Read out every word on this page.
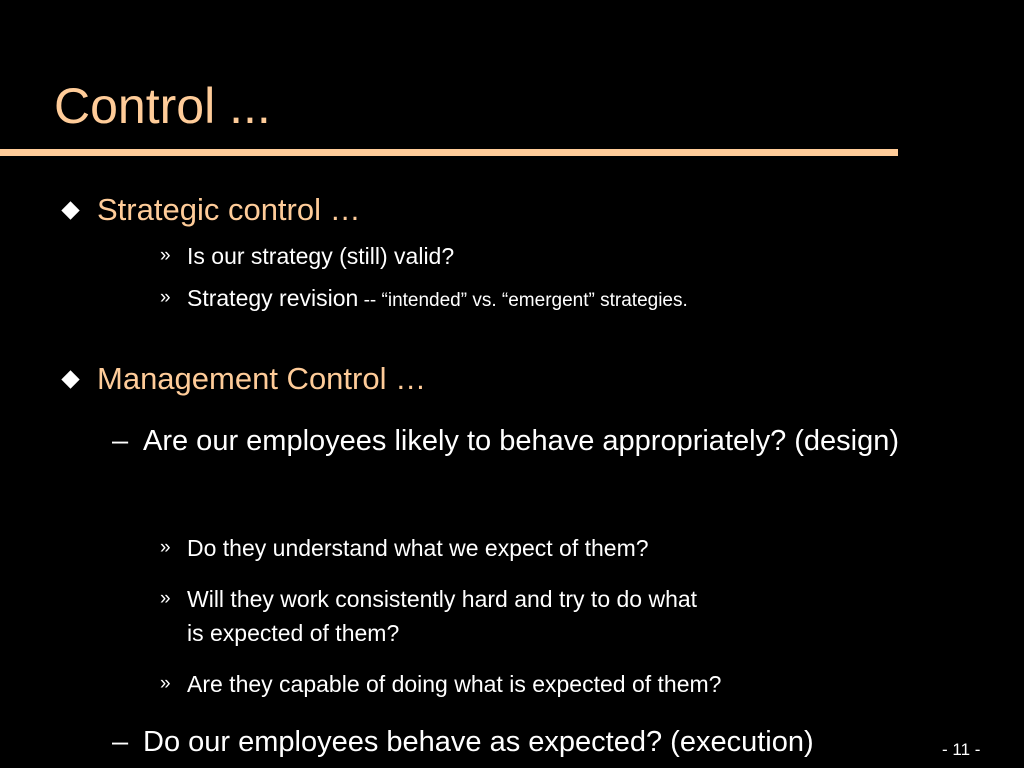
Control ...
Strategic control …
» Is our strategy (still) valid?
» Strategy revision -- “intended” vs. “emergent” strategies.
Management Control …
– Are our employees likely to behave appropriately? (design)
» Do they understand what we expect of them?
» Will they work consistently hard and try to do what
is expected of them?
» Are they capable of doing what is expected of them?
– Do our employees behave as expected? (execution)	- 11 -
